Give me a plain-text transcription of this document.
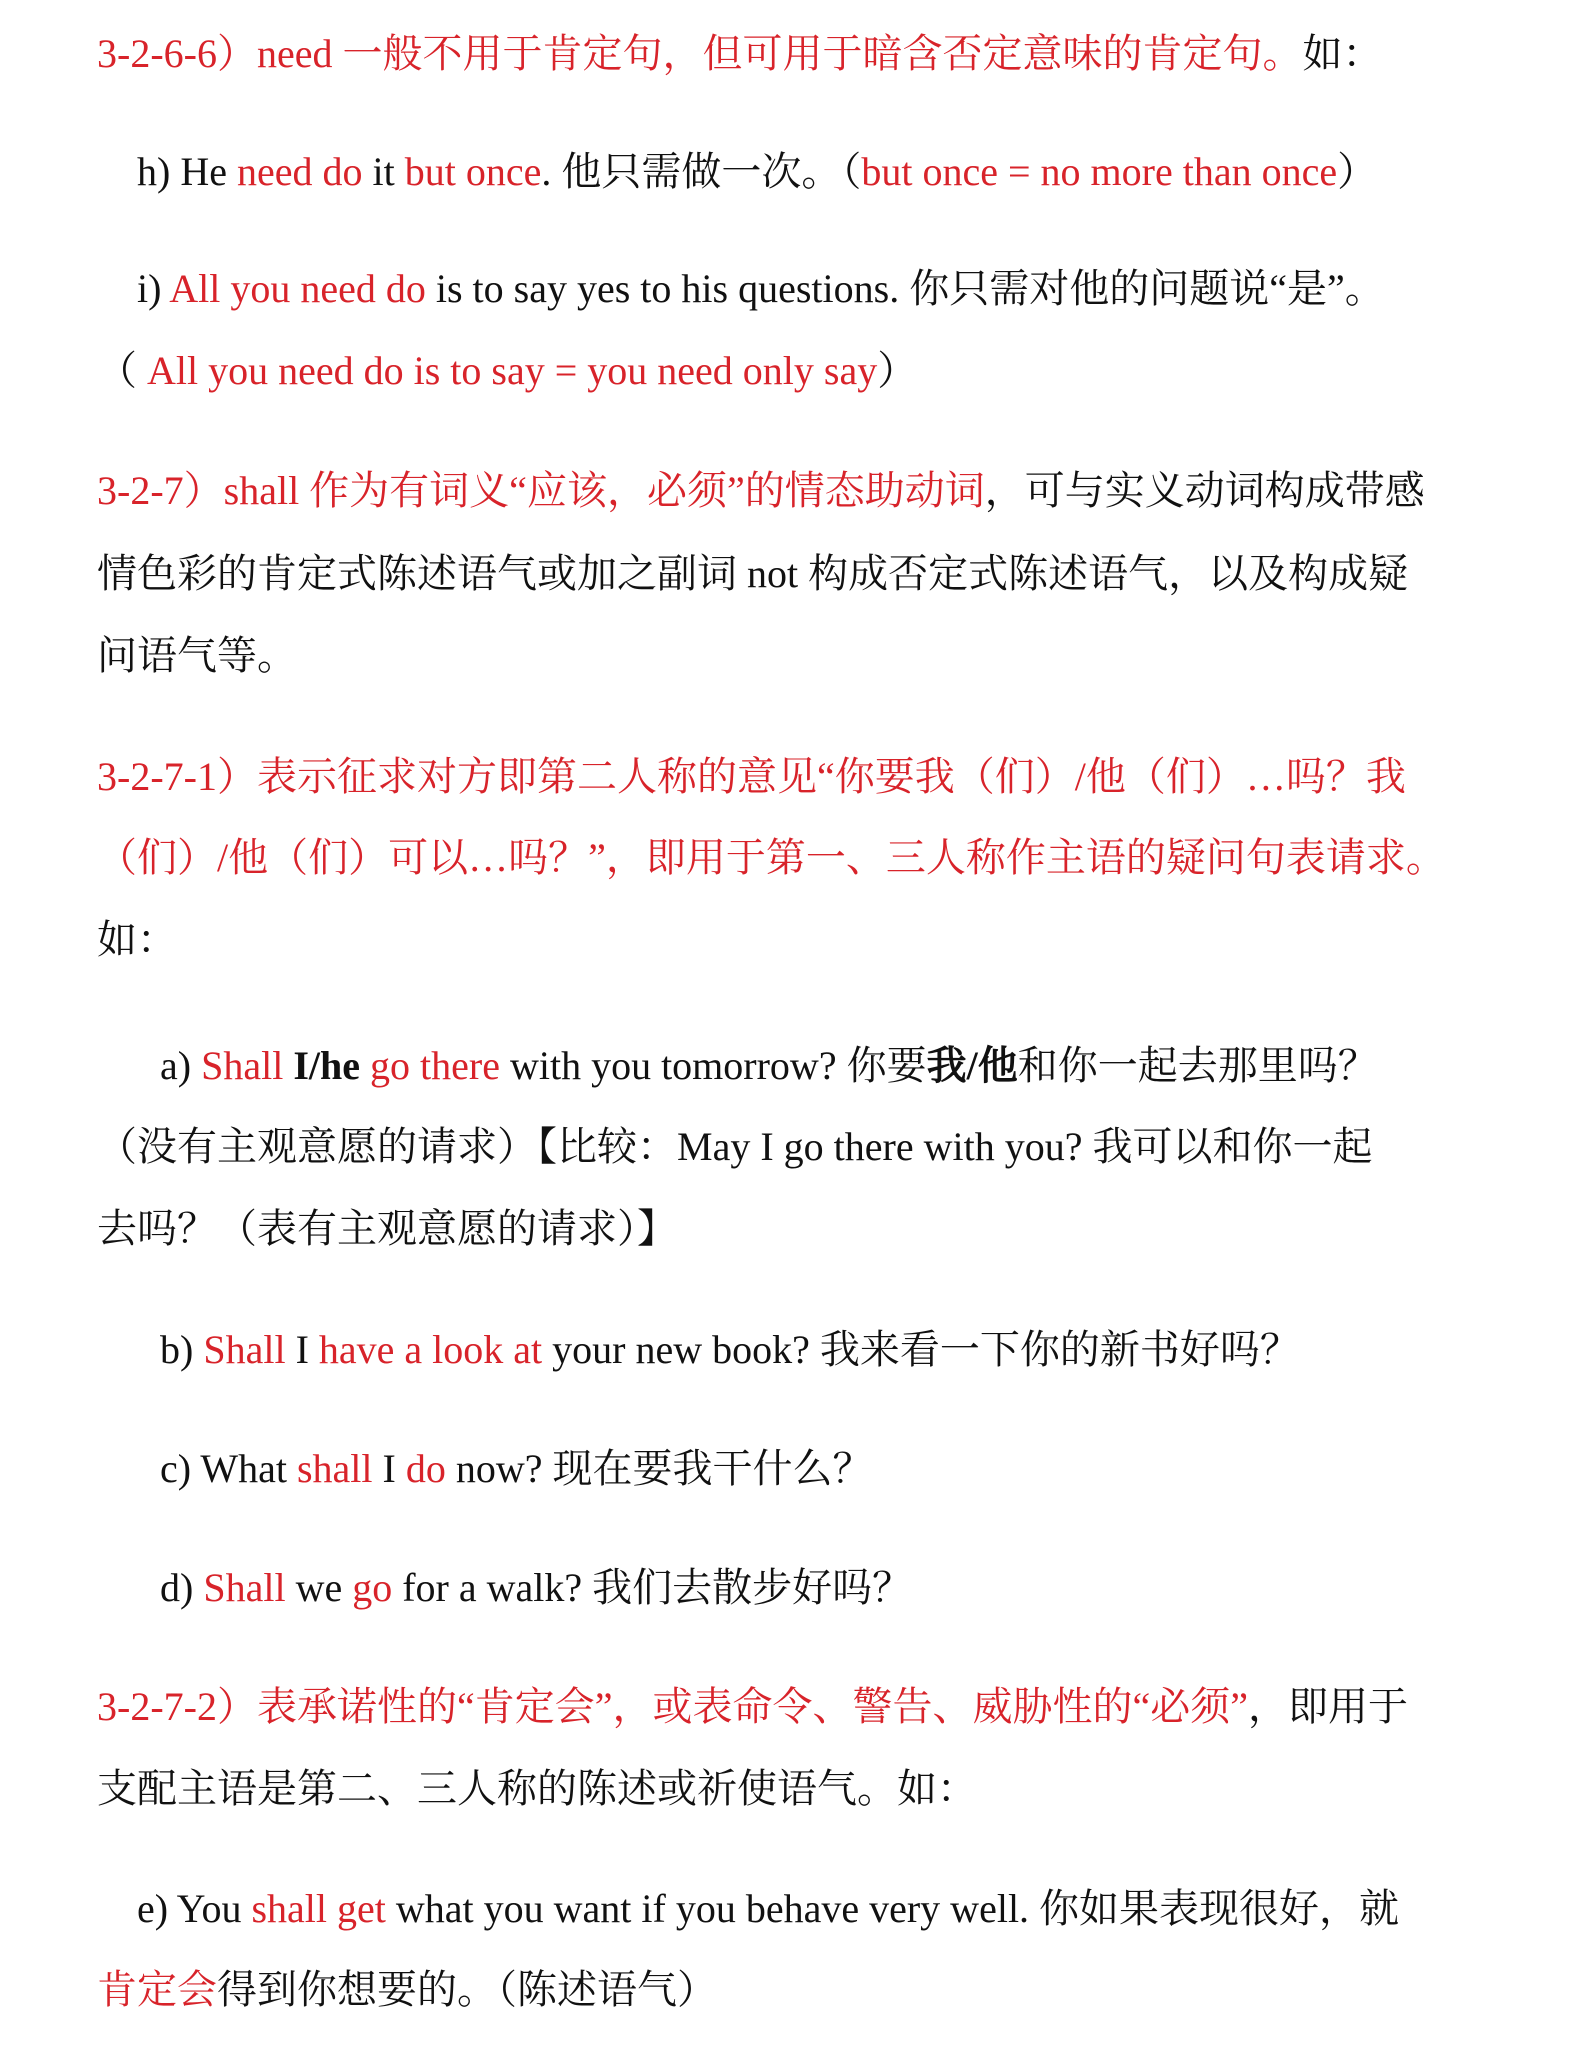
3-2-6-6）need 一般不用于肯定句，但可用于暗含否定意味的肯定句。如：
h) He need do it but once. 他只需做一次。（but once = no more than once）
i) All you need do is to say yes to his questions. 你只需对他的问题说“是”。
（ All you need do is to say = you need only say）
3-2-7）shall 作为有词义“应该，必须”的情态助动词，可与实义动词构成带感
情色彩的肯定式陈述语气或加之副词 not 构成否定式陈述语气，以及构成疑
问语气等。
3-2-7-1）表示征求对方即第二人称的意见“你要我（们）/他（们）…吗？我
（们）/他（们）可以…吗？”，即用于第一、三人称作主语的疑问句表请求。
如：
a) Shall I/he go there with you tomorrow? 你要我/他和你一起去那里吗？
（没有主观意愿的请求）【比较：May I go there with you? 我可以和你一起
去吗？（表有主观意愿的请求）】
b) Shall I have a look at your new book? 我来看一下你的新书好吗？
c) What shall I do now? 现在要我干什么？
d) Shall we go for a walk? 我们去散步好吗？
3-2-7-2）表承诺性的“肯定会”，或表命令、警告、威胁性的“必须”，即用于
支配主语是第二、三人称的陈述或祈使语气。如：
e) You shall get what you want if you behave very well. 你如果表现很好，就
肯定会得到你想要的。（陈述语气）
